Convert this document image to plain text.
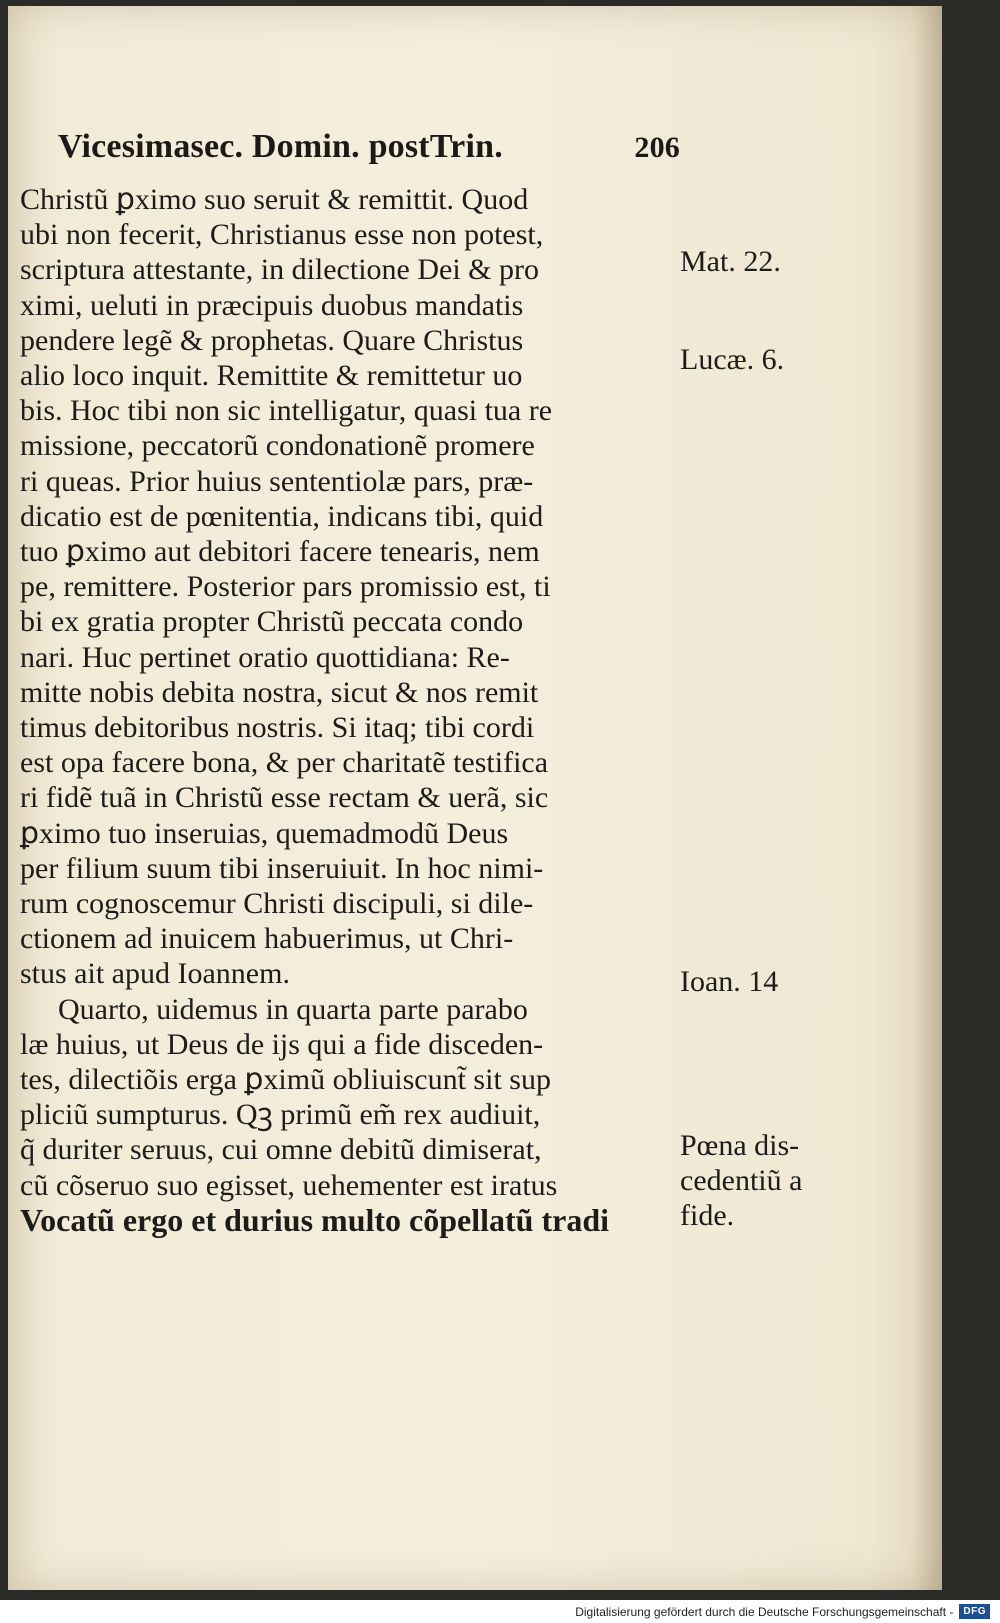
Vicesimasec. Domin. postTrin.	206
Christũ ꝑximo suo seruit & remittit. Quod
ubi non fecerit, Christianus esse non potest,
scriptura attestante, in dilectione Dei & pro
ximi, ueluti in præcipuis duobus mandatis
pendere legẽ & prophetas. Quare Christus
alio loco inquit. Remittite & remittetur uo
bis. Hoc tibi non sic intelligatur, quasi tua re
missione, peccatorũ condonationẽ promere
ri queas. Prior huius sententiolæ pars, præ-
dicatio est de pœnitentia, indicans tibi, quid
tuo ꝑximo aut debitori facere tenearis, nem
pe, remittere. Posterior pars promissio est, ti
bi ex gratia propter Christũ peccata condo
nari. Huc pertinet oratio quottidiana: Re-
mitte nobis debita nostra, sicut & nos remit
timus debitoribus nostris. Si itaq; tibi cordi
est opa facere bona, & per charitatẽ testifica
ri fidẽ tuã in Christũ esse rectam & uerã, sic
ꝑximo tuo inseruias, quemadmodũ Deus
per filium suum tibi inseruiuit. In hoc nimi-
rum cognoscemur Christi discipuli, si dile-
ctionem ad inuicem habuerimus, ut Chri-
stus ait apud Ioannem.
Quarto, uidemus in quarta parte parabo
læ huius, ut Deus de ĳs qui a fide disceden-
tes, dilectiõis erga ꝑximũ obliuiscunt̃ sit sup
pliciũ sumpturus. Qꝫ primũ em̃ rex audiuit,
q̃ duriter seruus, cui omne debitũ dimiserat,
cũ cõseruo suo egisset, uehementer est iratus
Vocatũ ergo et durius multo cõpellatũ tradi
Mat. 22.
Lucæ. 6.
Ioan. 14
Pœna dis-
cedentiũ a
fide.
Digitalisierung gefördert durch die Deutsche Forschungsgemeinschaft -	DFG
